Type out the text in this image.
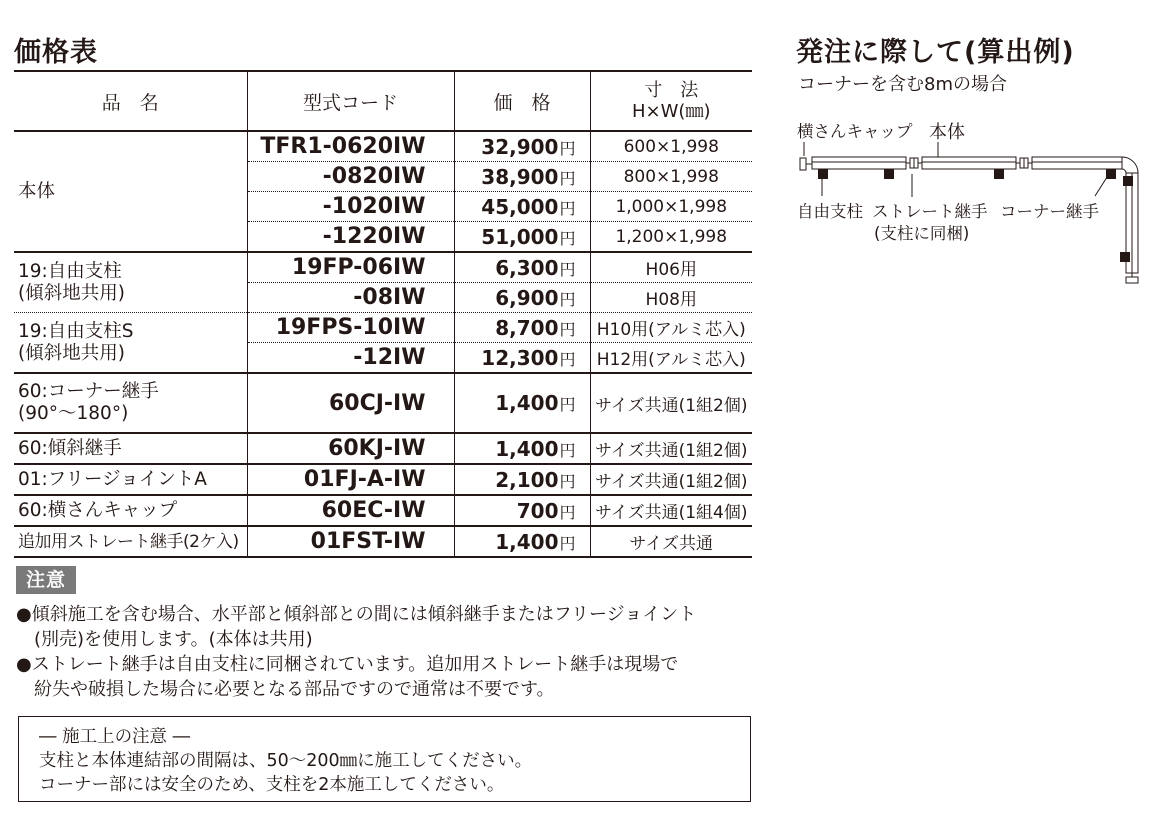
価格表
品　名	型式コード	価　格	寸　法
H×W(㎜)

本体	TFR1-0620IW	32,900円	600×1,998
	-0820IW	38,900円	800×1,998
	-1020IW	45,000円	1,000×1,998
	-1220IW	51,000円	1,200×1,998

19:自由支柱
(傾斜地共用)	19FP-06IW	6,300円	H06用
	-08IW	6,900円	H08用

19:自由支柱S
(傾斜地共用)	19FPS-10IW	8,700円	H10用(アルミ芯入)
	-12IW	12,300円	H12用(アルミ芯入)

60:コーナー継手
(90°～180°)	60CJ-IW	1,400円	サイズ共通(1組2個)
60:傾斜継手	60KJ-IW	1,400円	サイズ共通(1組2個)
01:フリージョイントA	01FJ-A-IW	2,100円	サイズ共通(1組2個)
60:横さんキャップ	60EC-IW	700円	サイズ共通(1組4個)
追加用ストレート継手(2ケ入)	01FST-IW	1,400円	サイズ共通
注意
●傾斜施工を含む場合、水平部と傾斜部との間には傾斜継手またはフリージョイント
　(別売)を使用します。(本体は共用)
●ストレート継手は自由支柱に同梱されています。追加用ストレート継手は現場で
　紛失や破損した場合に必要となる部品ですので通常は不要です。
― 施工上の注意 ―
支柱と本体連結部の間隔は、50～200㎜に施工してください。
コーナー部には安全のため、支柱を2本施工してください。
発注に際して(算出例)
コーナーを含む8mの場合
横さんキャップ 本体
自由支柱 ストレート継手
(支柱に同梱)
コーナー継手
